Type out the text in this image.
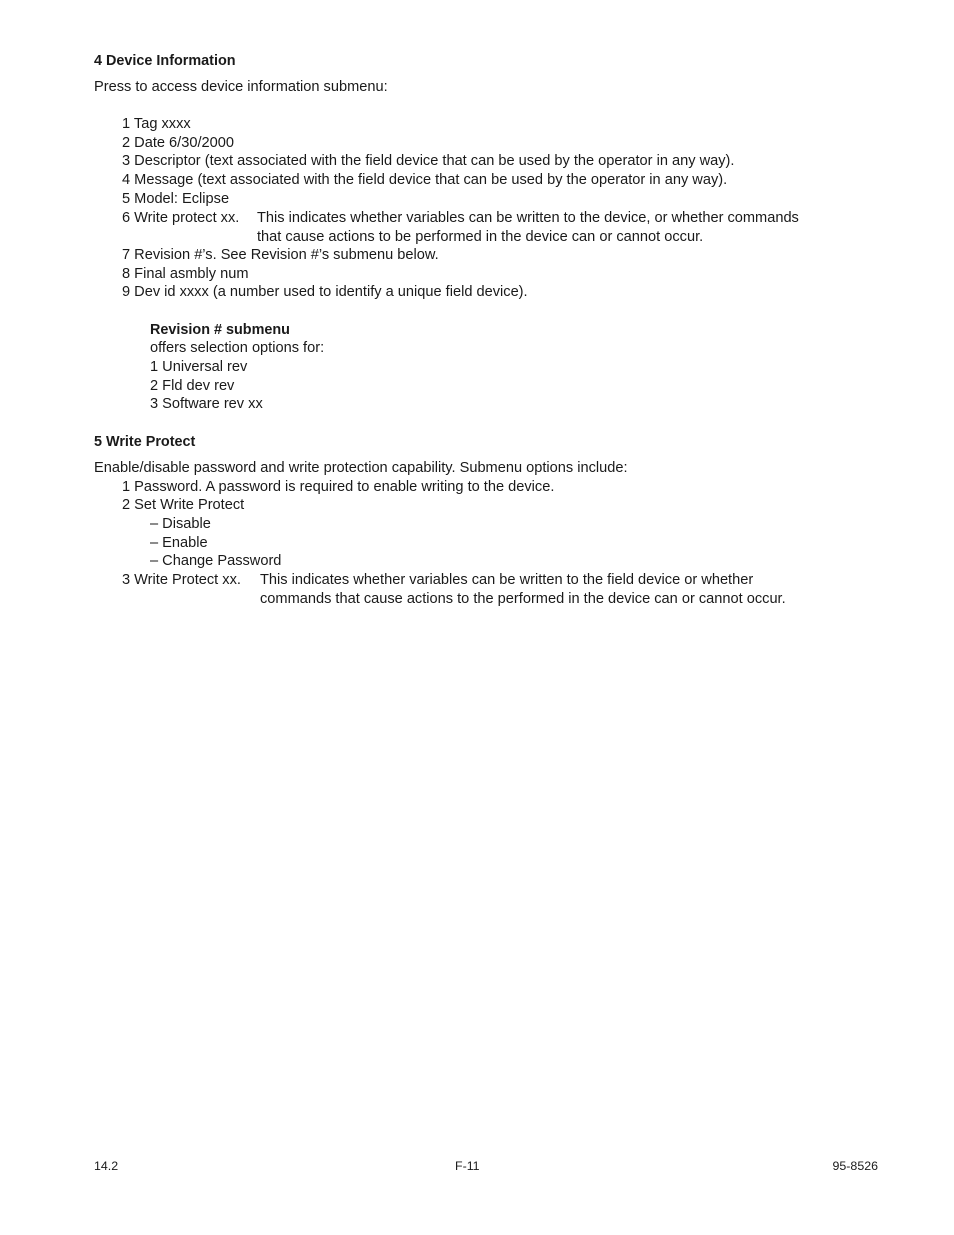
4 Device Information
Press to access device information submenu:
1 Tag xxxx
2 Date 6/30/2000
3 Descriptor (text associated with the field device that can be used by the operator in any way).
4 Message (text associated with the field device that can be used by the operator in any way).
5 Model: Eclipse
6 Write protect xx. This indicates whether variables can be written to the device, or whether commands
that cause actions to be performed in the device can or cannot occur.
7 Revision #’s. See Revision #’s submenu below.
8 Final asmbly num
9 Dev id xxxx (a number used to identify a unique field device).
Revision # submenu
offers selection options for:
1 Universal rev
2 Fld dev rev
3 Software rev xx
5 Write Protect
Enable/disable password and write protection capability. Submenu options include:
1 Password. A password is required to enable writing to the device.
2 Set Write Protect
– Disable
– Enable
– Change Password
3 Write Protect xx. This indicates whether variables can be written to the field device or whether
commands that cause actions to the performed in the device can or cannot occur.
14.2	F-11	95-8526
